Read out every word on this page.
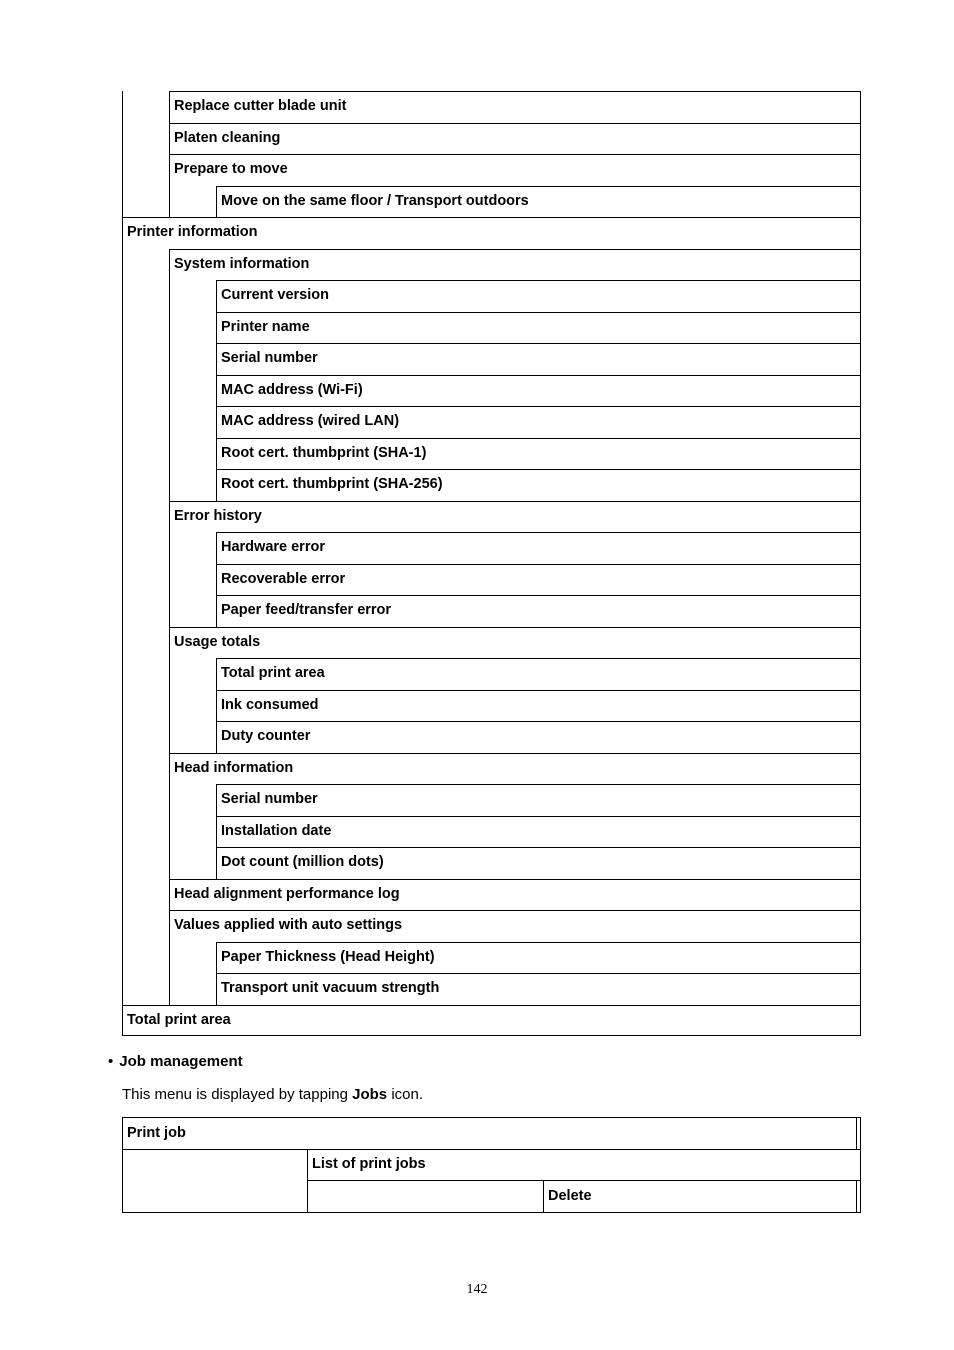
Replace cutter blade unit
Platen cleaning
Prepare to move
Move on the same floor / Transport outdoors
Printer information
System information
Current version
Printer name
Serial number
MAC address (Wi-Fi)
MAC address (wired LAN)
Root cert. thumbprint (SHA-1)
Root cert. thumbprint (SHA-256)
Error history
Hardware error
Recoverable error
Paper feed/transfer error
Usage totals
Total print area
Ink consumed
Duty counter
Head information
Serial number
Installation date
Dot count (million dots)
Head alignment performance log
Values applied with auto settings
Paper Thickness (Head Height)
Transport unit vacuum strength
Total print area
• Job management
This menu is displayed by tapping Jobs icon.
Print job
List of print jobs
Delete
142
